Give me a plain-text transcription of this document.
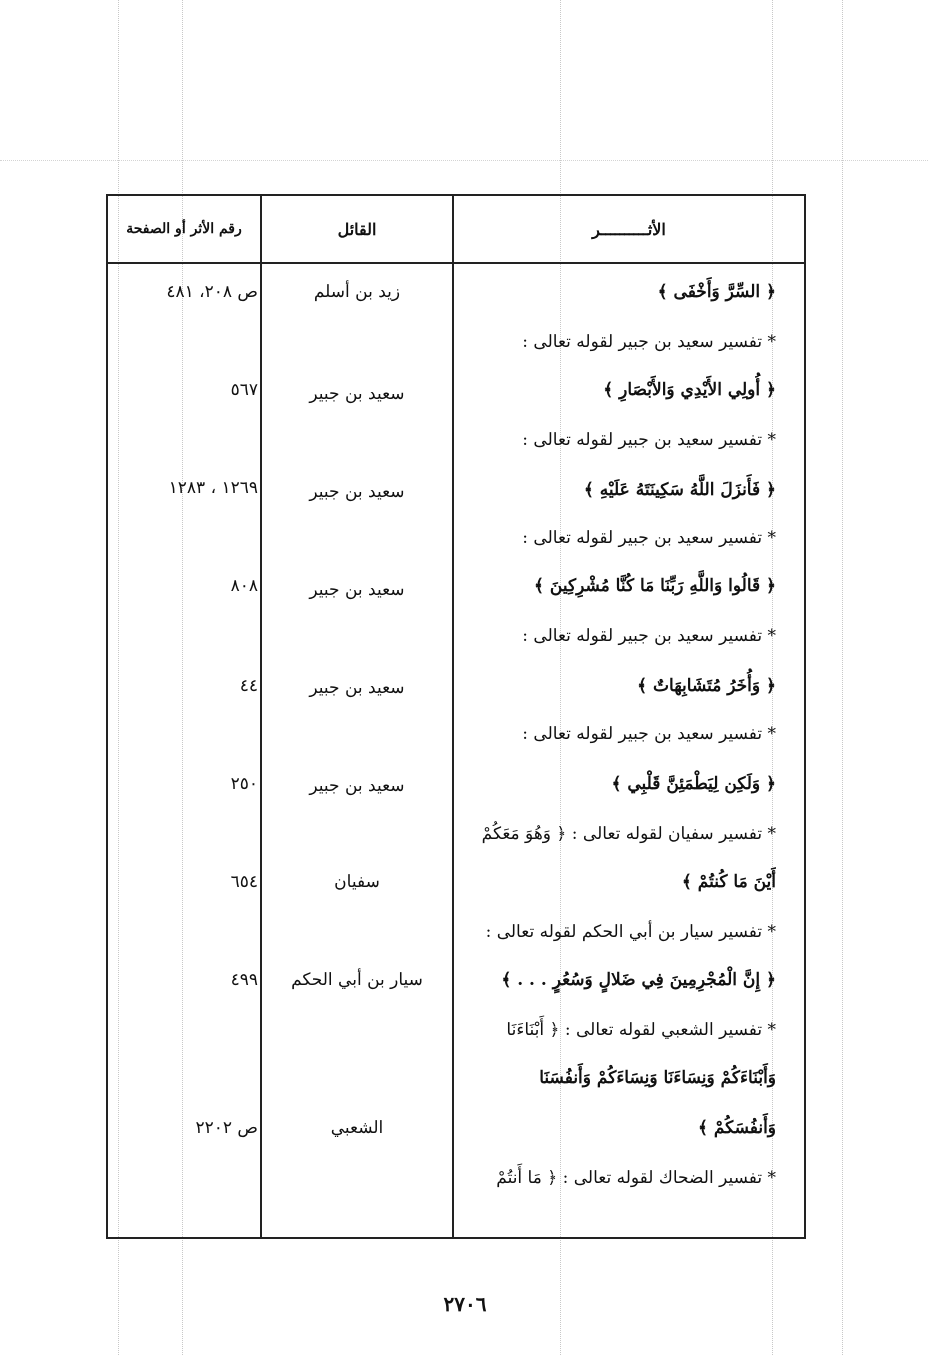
الأثــــــــــر
القائل
رقم الأثر أو الصفحة
﴿ السِّرَّ وَأَخْفَى ﴾
زيد بن أسلم
ص ٢٠٨، ٤٨١
* تفسير سعيد بن جبير لقوله تعالى :
﴿ أُولِي الأَيْدِي وَالأَبْصَارِ ﴾
سعيد بن جبير
٥٦٧
* تفسير سعيد بن جبير لقوله تعالى :
﴿ فَأَنزَلَ اللَّهُ سَكِينَتَهُ عَلَيْهِ ﴾
سعيد بن جبير
١٢٦٩ ، ١٢٨٣
* تفسير سعيد بن جبير لقوله تعالى :
﴿ قَالُوا وَاللَّهِ رَبِّنَا مَا كُنَّا مُشْرِكِينَ ﴾
سعيد بن جبير
٨٠٨
* تفسير سعيد بن جبير لقوله تعالى :
﴿ وَأُخَرُ مُتَشَابِهَاتٌ ﴾
سعيد بن جبير
٤٤
* تفسير سعيد بن جبير لقوله تعالى :
﴿ وَلَكِن لِيَطْمَئِنَّ قَلْبِي ﴾
سعيد بن جبير
٢٥٠
* تفسير سفيان لقوله تعالى : ﴿ وَهُوَ مَعَكُمْ
أَيْنَ مَا كُنتُمْ ﴾
سفيان
٦٥٤
* تفسير سيار بن أبي الحكم لقوله تعالى :
﴿ إِنَّ الْمُجْرِمِينَ فِي ضَلالٍ وَسُعُرٍ . . . ﴾
سيار بن أبي الحكم
٤٩٩
* تفسير الشعبي لقوله تعالى : ﴿ أَبْنَاءَنَا
وَأَبْنَاءَكُمْ وَنِسَاءَنَا وَنِسَاءَكُمْ وَأَنفُسَنَا
وَأَنفُسَكُمْ ﴾
الشعبي
ص ٢٢٠٢
* تفسير الضحاك لقوله تعالى : ﴿ مَا أَنتُمْ
٢٧٠٦
